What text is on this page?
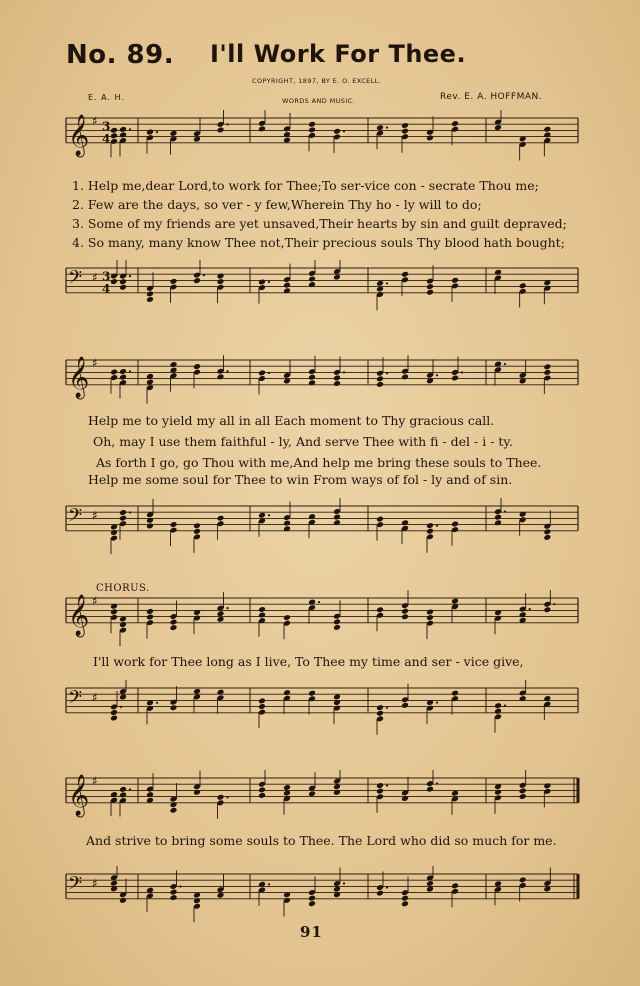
No. 89. I'll Work For Thee.
COPYRIGHT, 1897, BY E. O. EXCELL.
E. A. H.	WORDS AND MUSIC.	Rev. E. A. HOFFMAN.
𝄞 ♯ 3
4
1. Help me,dear Lord,to work for Thee;To ser-vice con - secrate Thou me;
2. Few are the days, so ver - y few,Wherein Thy ho - ly will to do;
3. Some of my friends are yet unsaved,Their hearts by sin and guilt depraved;
4. So many, many know Thee not,Their precious souls Thy blood hath bought;
𝄢 ♯ 3
4
𝄞 ♯
Help me to yield my all in all Each moment to Thy gracious call.
Oh, may I use them faithful - ly, And serve Thee with fi - del - i - ty.
As forth I go, go Thou with me,And help me bring these souls to Thee.
Help me some soul for Thee to win From ways of fol - ly and of sin.
𝄢 ♯
CHORUS.
𝄞 ♯
I'll work for Thee long as I live, To Thee my time and ser - vice give,
𝄢 ♯
𝄞 ♯
And strive to bring some souls to Thee. The Lord who did so much for me.
𝄢 ♯
91
